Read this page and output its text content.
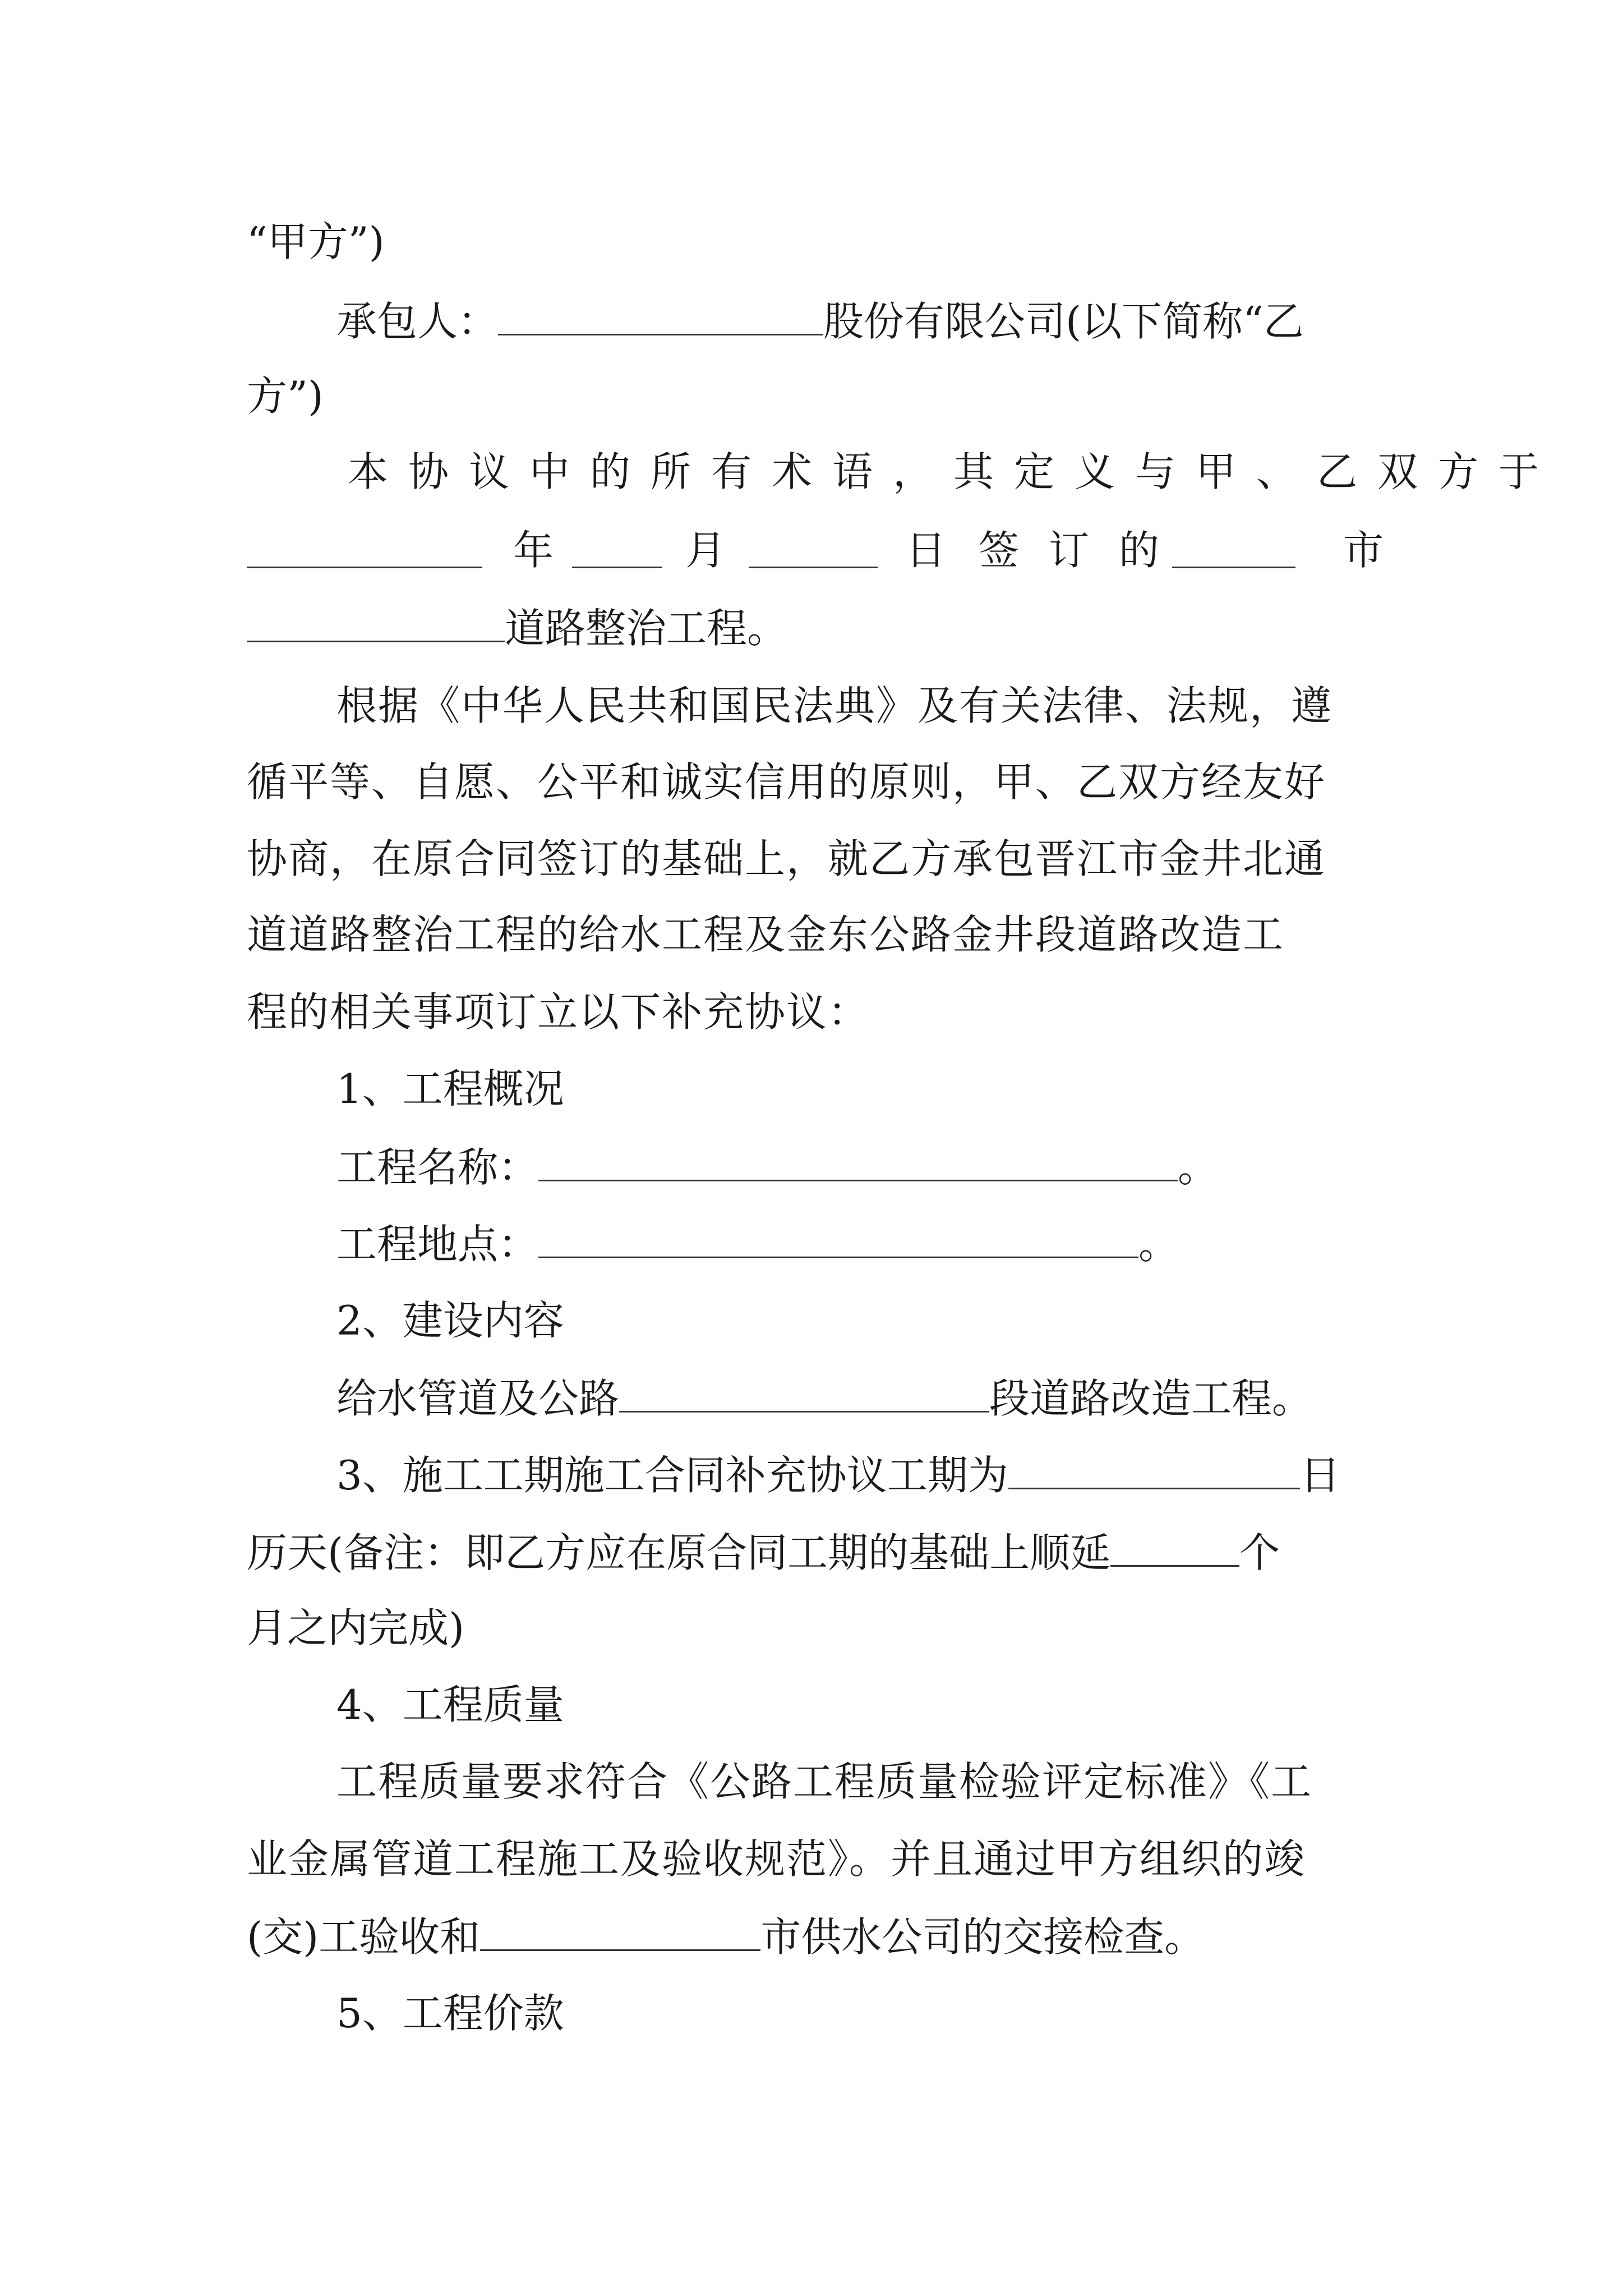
“甲方”)
承包人：	股份有限公司(以下简称“乙
方”)
本协议中的所有术语，其定义与甲、乙双方于
年	月	日 签 订 的	市
道路整治工程。
根据《中华人民共和国民法典》及有关法律、法规，遵
循平等、自愿、公平和诚实信用的原则，甲、乙双方经友好
协商，在原合同签订的基础上，就乙方承包晋江市金井北通
道道路整治工程的给水工程及金东公路金井段道路改造工
程的相关事项订立以下补充协议：
1、工程概况
工程名称：	。
工程地点：	。
2、建设内容
给水管道及公路	段道路改造工程。
3、施工工期施工合同补充协议工期为	日
历天(备注：即乙方应在原合同工期的基础上顺延	个
月之内完成)
4、工程质量
工程质量要求符合《公路工程质量检验评定标准》《工
业金属管道工程施工及验收规范》。并且通过甲方组织的竣
(交)工验收和	市供水公司的交接检查。
5、工程价款
